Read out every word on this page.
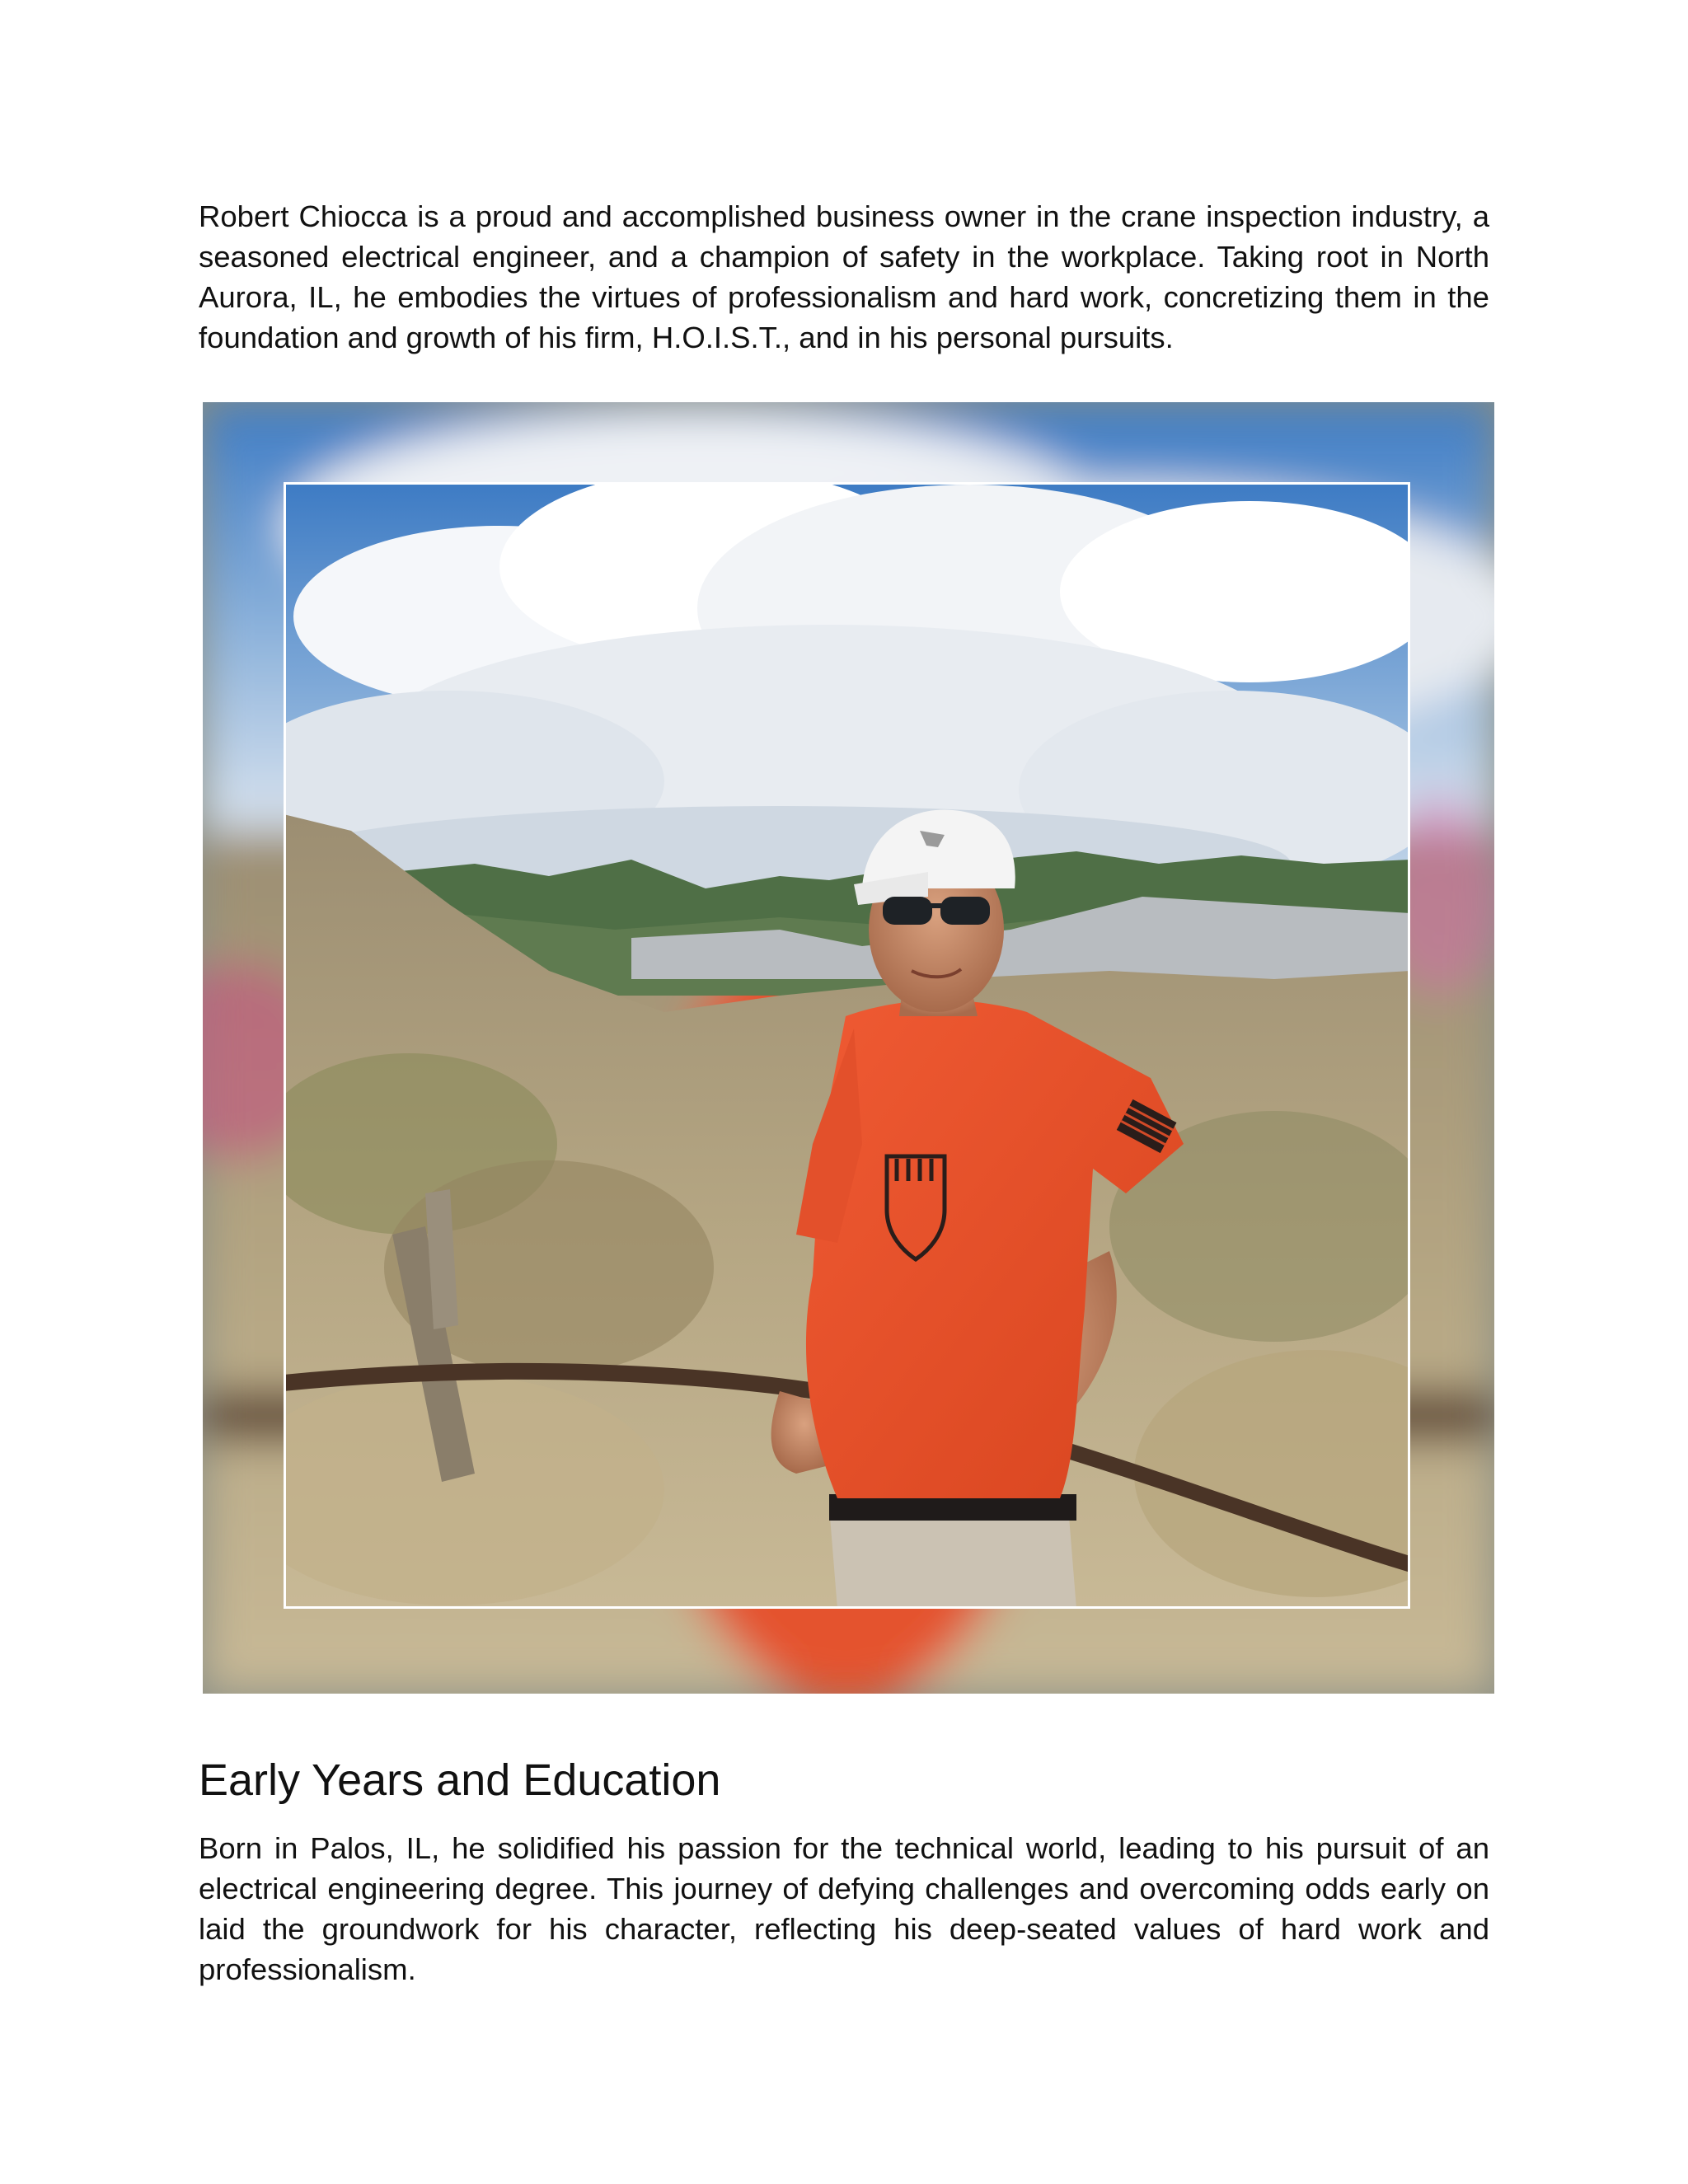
Robert Chiocca is a proud and accomplished business owner in the crane inspection industry, a seasoned electrical engineer, and a champion of safety in the workplace. Taking root in North Aurora, IL, he embodies the virtues of professionalism and hard work, concretizing them in the foundation and growth of his firm, H.O.I.S.T., and in his personal pursuits.

Early Years and Education

Born in Palos, IL, he solidified his passion for the technical world, leading to his pursuit of an electrical engineering degree. This journey of defying challenges and overcoming odds early on laid the groundwork for his character, reflecting his deep-seated values of hard work and professionalism.
